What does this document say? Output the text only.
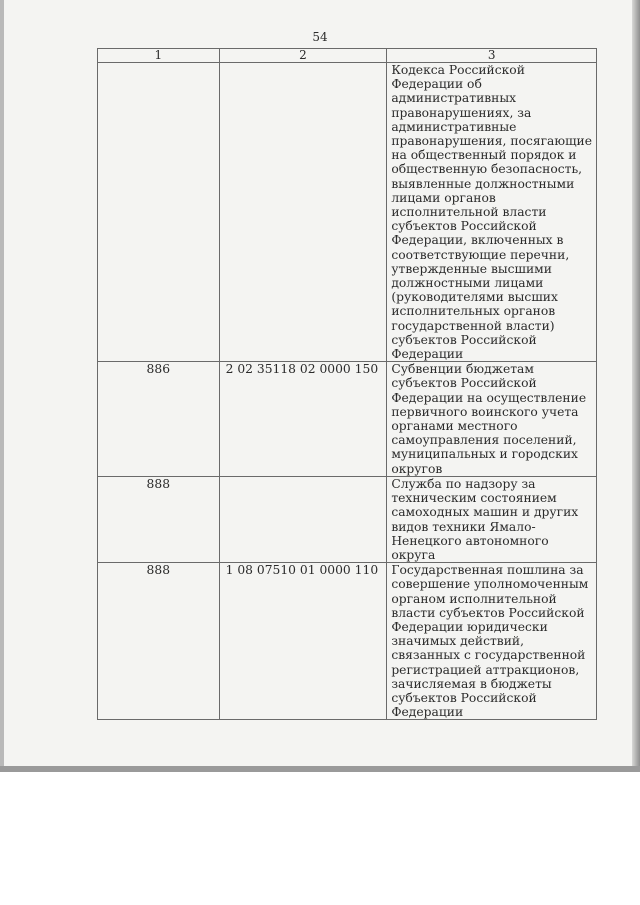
54
1	2	3
		Кодекса Российской Федерации об административных правонарушениях, за административные правонарушения, посягающие на общественный порядок и общественную безопасность, выявленные должностными лицами органов исполнительной власти субъектов Российской Федерации, включенных в соответствующие перечни, утвержденные высшими должностными лицами (руководителями высших исполнительных органов государственной власти) субъектов Российской Федерации
886	2 02 35118 02 0000 150	Субвенции бюджетам субъектов Российской Федерации на осуществление первичного воинского учета органами местного самоуправления поселений, муниципальных и городских округов
888		Служба по надзору за техническим состоянием самоходных машин и других видов техники Ямало-Ненецкого автономного округа
888	1 08 07510 01 0000 110	Государственная пошлина за совершение уполномоченным органом исполнительной власти субъектов Российской Федерации юридически значимых действий, связанных с государственной регистрацией аттракционов, зачисляемая в бюджеты субъектов Российской Федерации
